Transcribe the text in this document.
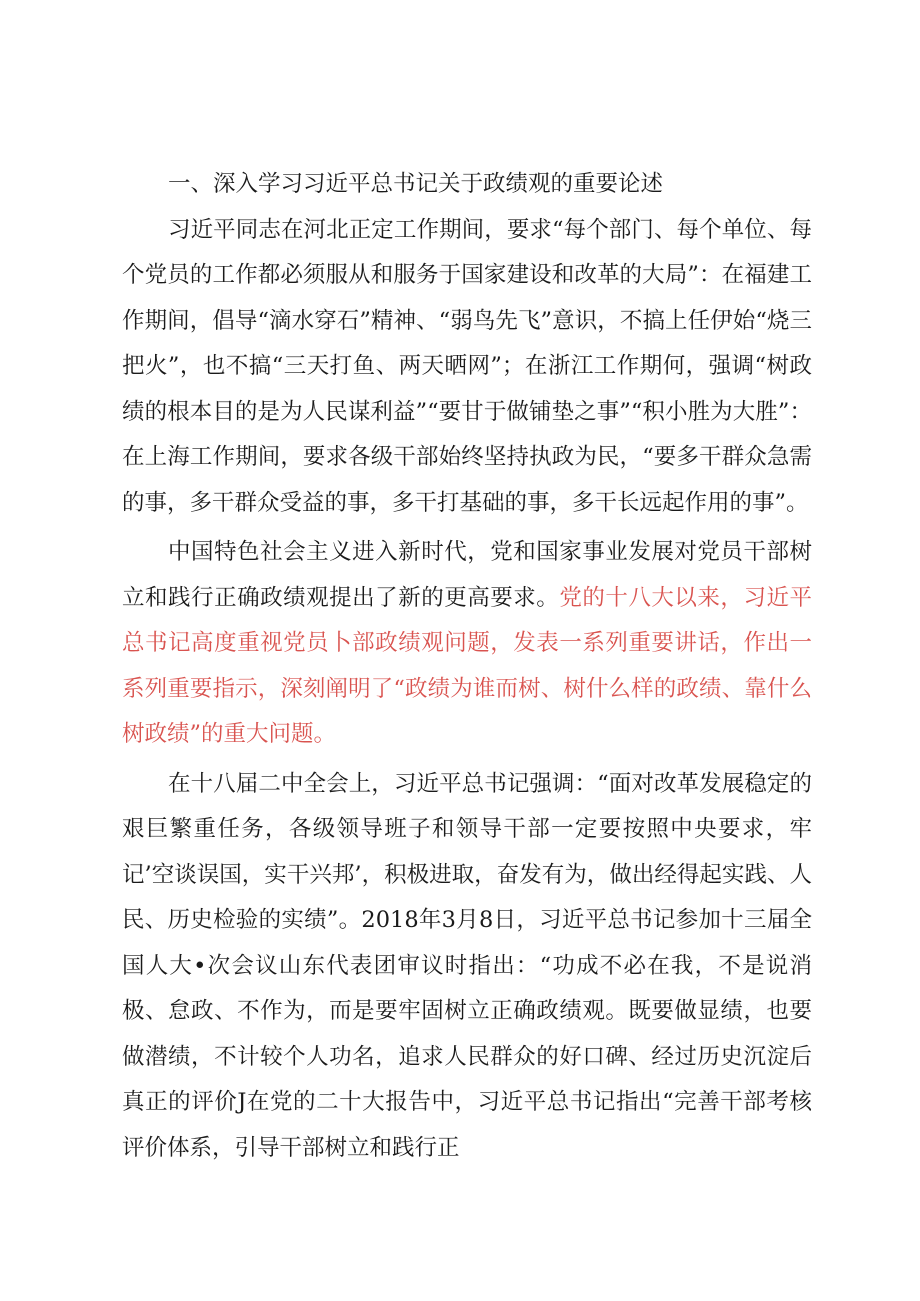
一、深入学习习近平总书记关于政绩观的重要论述

习近平同志在河北正定工作期间，要求“每个部门、每个单位、每个党员的工作都必须服从和服务于国家建设和改革的大局”：在福建工作期间，倡导“滴水穿石”精神、“弱鸟先飞”意识，不搞上任伊始“烧三把火”，也不搞“三天打鱼、两天晒网”；在浙江工作期何，强调“树政绩的根本目的是为人民谋利益”“要甘于做铺垫之事”“积小胜为大胜”：在上海工作期间，要求各级干部始终坚持执政为民，“要多干群众急需的事，多干群众受益的事，多干打基础的事，多干长远起作用的事”。

中国特色社会主义进入新时代，党和国家事业发展对党员干部树立和践行正确政绩观提出了新的更高要求。党的十八大以来，习近平总书记高度重视党员卜部政绩观问题，发表一系列重要讲话，作出一系列重要指示，深刻阐明了“政绩为谁而树、树什么样的政绩、靠什么树政绩”的重大问题。

在十八届二中全会上，习近平总书记强调：“面对改革发展稳定的艰巨繁重任务，各级领导班子和领导干部一定要按照中央要求，牢记’空谈误国，实干兴邦’，积极进取，奋发有为，做出经得起实践、人民、历史检验的实绩”。2018年3月8日，习近平总书记参加十三届全国人大•次会议山东代表团审议时指出：“功成不必在我，不是说消极、怠政、不作为，而是要牢固树立正确政绩观。既要做显绩，也要做潜绩，不计较个人功名，追求人民群众的好口碑、经过历史沉淀后真正的评价J在党的二十大报告中，习近平总书记指出“完善干部考核评价体系，引导干部树立和践行正
